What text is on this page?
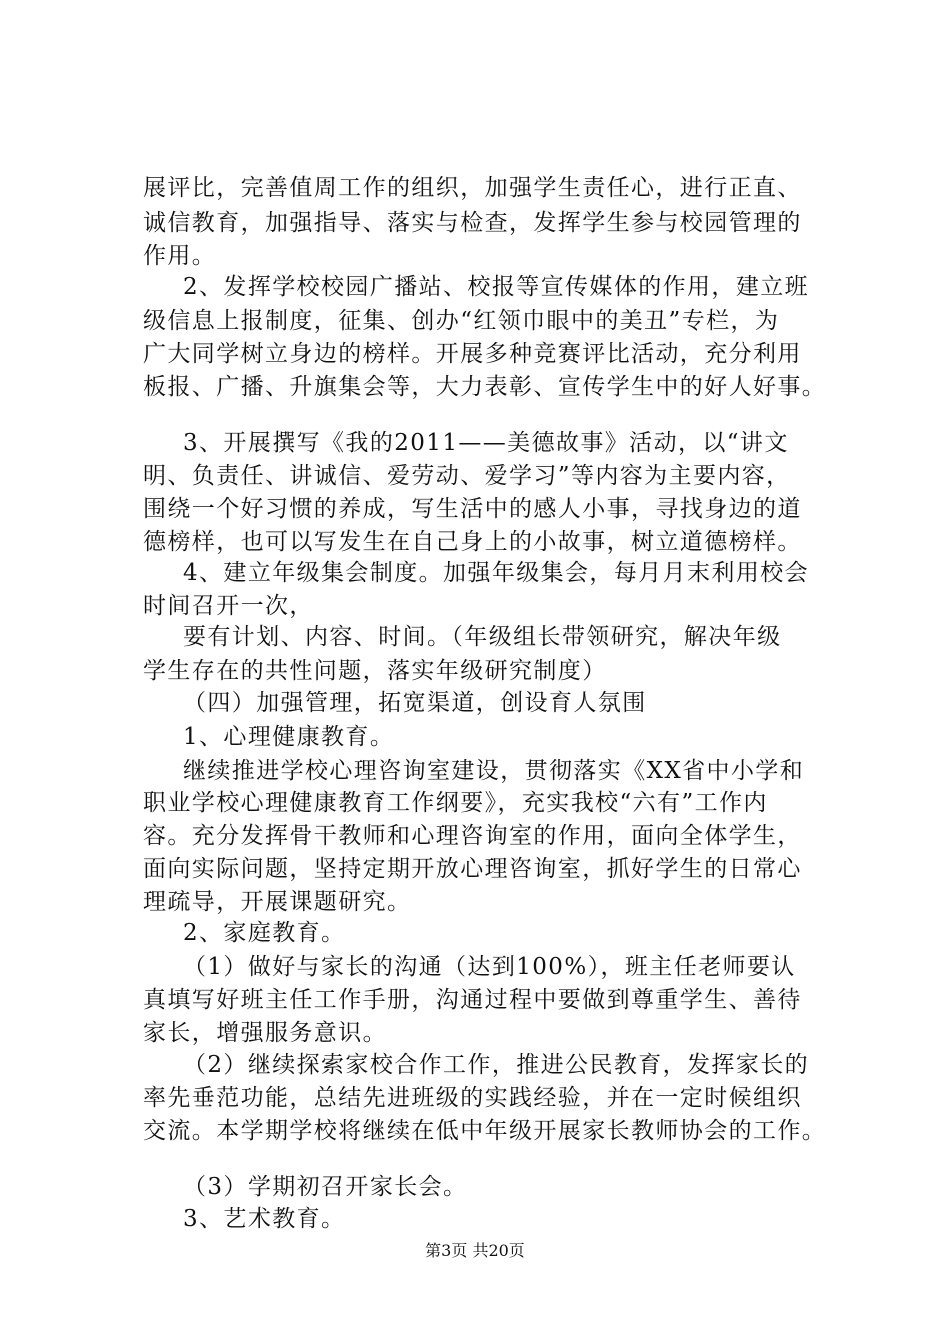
展评比，完善值周工作的组织，加强学生责任心，进行正直、
诚信教育，加强指导、落实与检查，发挥学生参与校园管理的
作用。
2、发挥学校校园广播站、校报等宣传媒体的作用，建立班
级信息上报制度，征集、创办“红领巾眼中的美丑”专栏，为
广大同学树立身边的榜样。开展多种竞赛评比活动，充分利用
板报、广播、升旗集会等，大力表彰、宣传学生中的好人好事。
3、开展撰写《我的2011——美德故事》活动，以“讲文
明、负责任、讲诚信、爱劳动、爱学习”等内容为主要内容，
围绕一个好习惯的养成，写生活中的感人小事，寻找身边的道
德榜样，也可以写发生在自己身上的小故事，树立道德榜样。
4、建立年级集会制度。加强年级集会，每月月末利用校会
时间召开一次，
要有计划、内容、时间。（年级组长带领研究，解决年级
学生存在的共性问题，落实年级研究制度）
（四）加强管理，拓宽渠道，创设育人氛围
1、心理健康教育。
继续推进学校心理咨询室建设，贯彻落实《XX省中小学和
职业学校心理健康教育工作纲要》，充实我校“六有”工作内
容。充分发挥骨干教师和心理咨询室的作用，面向全体学生，
面向实际问题，坚持定期开放心理咨询室，抓好学生的日常心
理疏导，开展课题研究。
2、家庭教育。
（1）做好与家长的沟通（达到100%），班主任老师要认
真填写好班主任工作手册，沟通过程中要做到尊重学生、善待
家长，增强服务意识。
（2）继续探索家校合作工作，推进公民教育，发挥家长的
率先垂范功能，总结先进班级的实践经验，并在一定时候组织
交流。本学期学校将继续在低中年级开展家长教师协会的工作。
（3）学期初召开家长会。
3、艺术教育。
第3页 共20页
